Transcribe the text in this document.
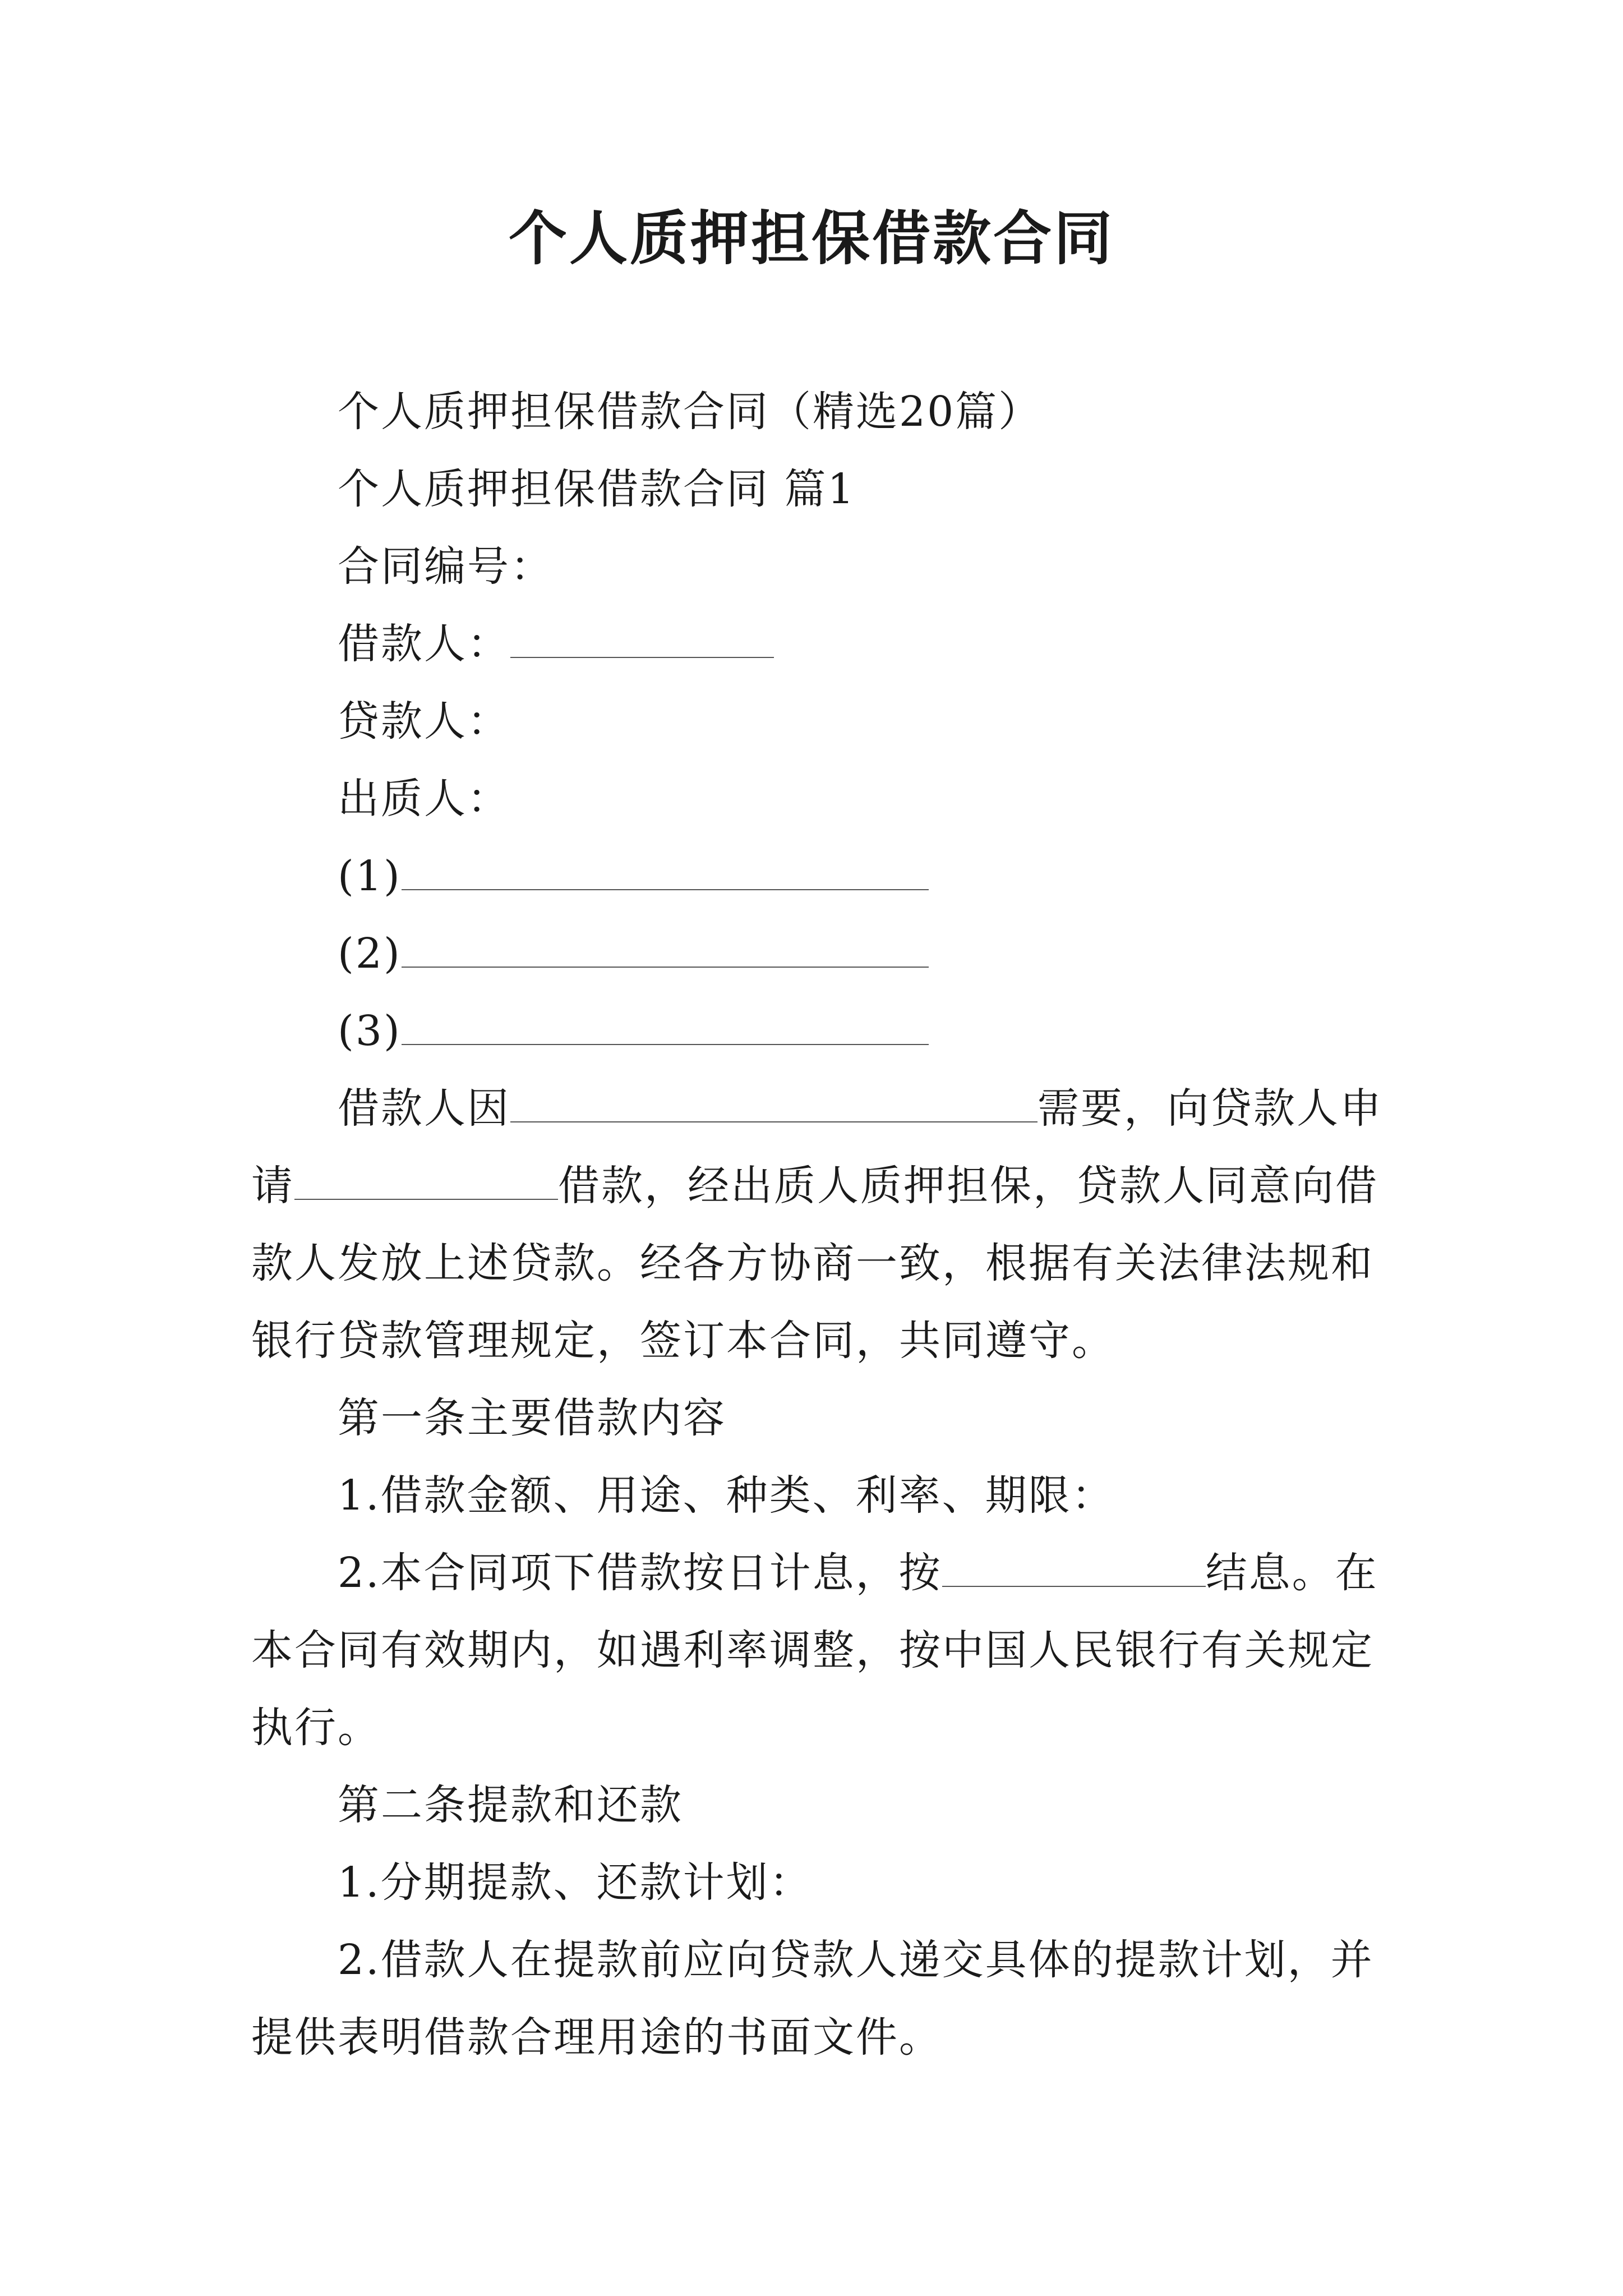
个人质押担保借款合同
个人质押担保借款合同（精选20篇）
个人质押担保借款合同 篇1
合同编号：
借款人：
贷款人：
出质人：
(1)
(2)
(3)
借款人因	需要，向贷款人申
请	借款，经出质人质押担保，贷款人同意向借
款人发放上述贷款。经各方协商一致，根据有关法律法规和
银行贷款管理规定，签订本合同，共同遵守。
第一条主要借款内容
1.借款金额、用途、种类、利率、期限：
2.本合同项下借款按日计息，按	结息。在
本合同有效期内，如遇利率调整，按中国人民银行有关规定
执行。
第二条提款和还款
1.分期提款、还款计划：
2.借款人在提款前应向贷款人递交具体的提款计划，并
提供表明借款合理用途的书面文件。
